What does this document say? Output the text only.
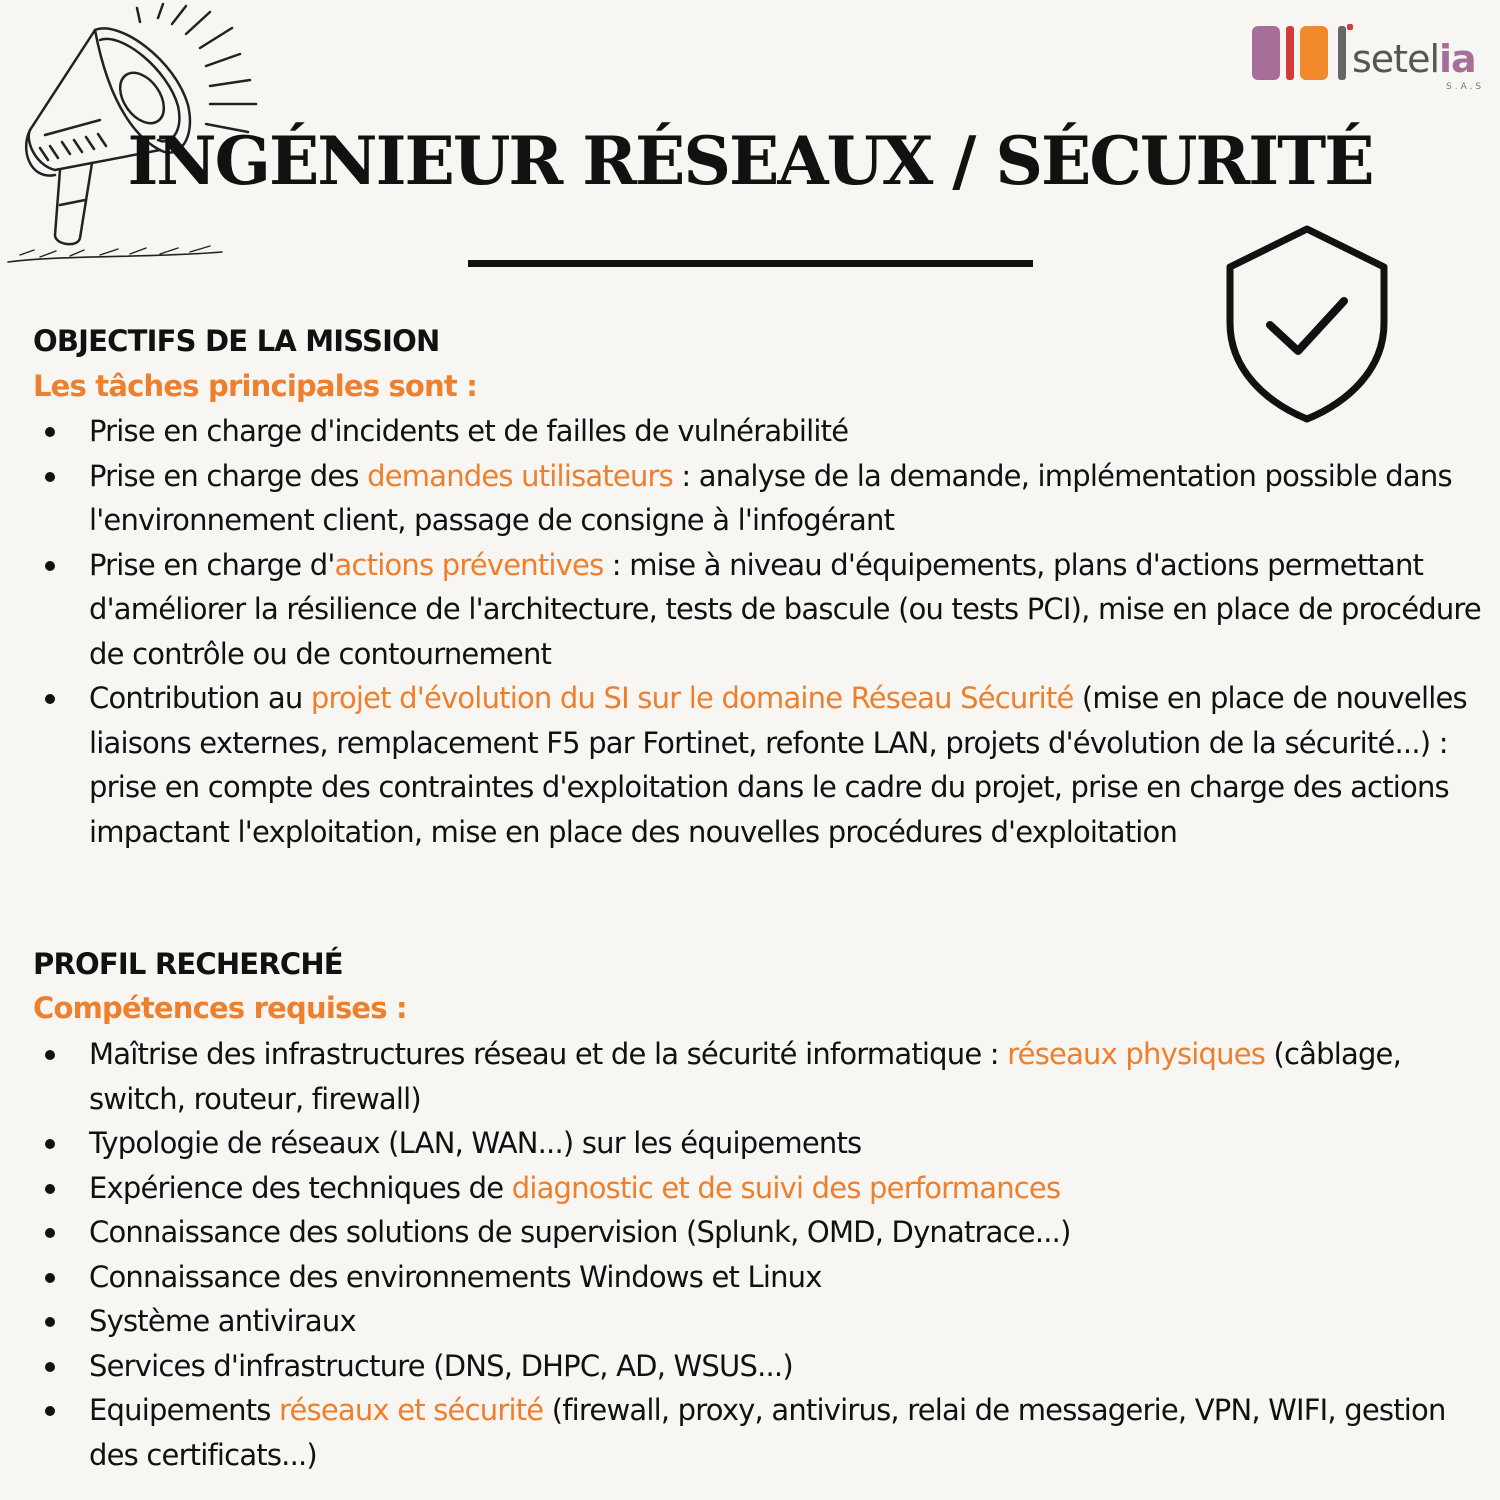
setelia
S.A.S
INGÉNIEUR RÉSEAUX / SÉCURITÉ
OBJECTIFS DE LA MISSION
Les tâches principales sont :
Prise en charge d'incidents et de failles de vulnérabilité
Prise en charge des demandes utilisateurs : analyse de la demande, implémentation possible dans l'environnement client, passage de consigne à l'infogérant
Prise en charge d'actions préventives : mise à niveau d'équipements, plans d'actions permettant d'améliorer la résilience de l'architecture, tests de bascule (ou tests PCI), mise en place de procédure de contrôle ou de contournement
Contribution au projet d'évolution du SI sur le domaine Réseau Sécurité (mise en place de nouvelles liaisons externes, remplacement F5 par Fortinet, refonte LAN, projets d'évolution de la sécurité...) : prise en compte des contraintes d'exploitation dans le cadre du projet, prise en charge des actions impactant l'exploitation, mise en place des nouvelles procédures d'exploitation
PROFIL RECHERCHÉ
Compétences requises :
Maîtrise des infrastructures réseau et de la sécurité informatique : réseaux physiques (câblage, switch, routeur, firewall)
Typologie de réseaux (LAN, WAN...) sur les équipements
Expérience des techniques de diagnostic et de suivi des performances
Connaissance des solutions de supervision (Splunk, OMD, Dynatrace...)
Connaissance des environnements Windows et Linux
Système antiviraux
Services d'infrastructure (DNS, DHPC, AD, WSUS...)
Equipements réseaux et sécurité (firewall, proxy, antivirus, relai de messagerie, VPN, WIFI, gestion des certificats...)
